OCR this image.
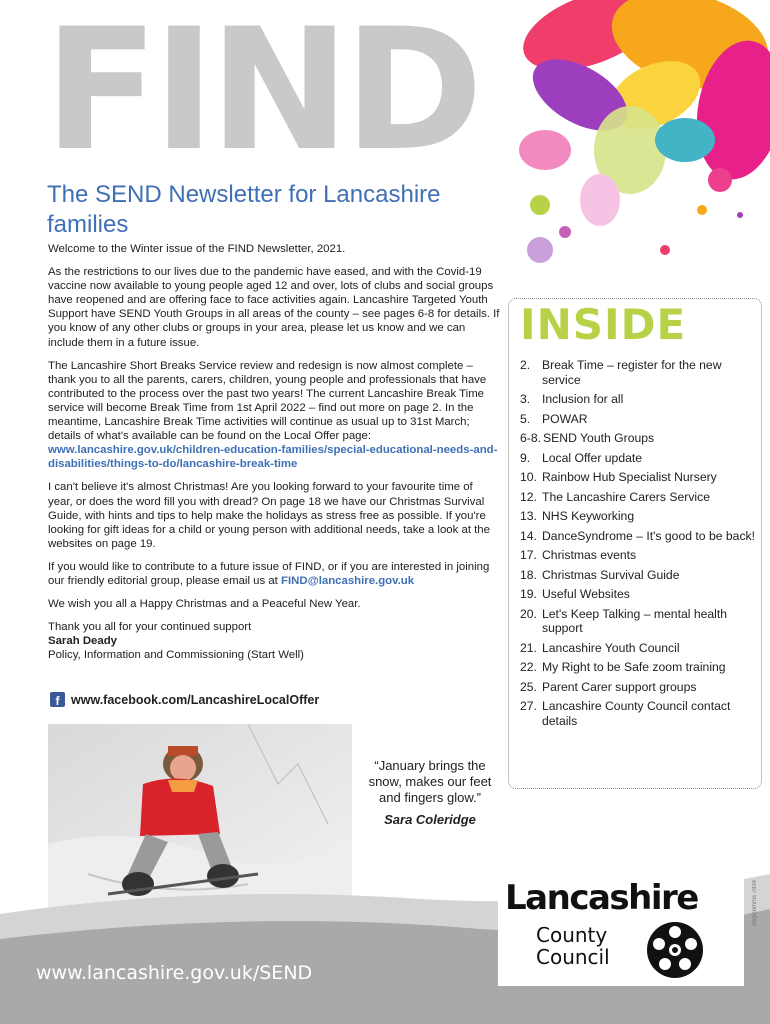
FIND
The SEND Newsletter for Lancashire families

Welcome to the Winter issue of the FIND Newsletter, 2021.

As the restrictions to our lives due to the pandemic have eased, and with the Covid-19 vaccine now available to young people aged 12 and over, lots of clubs and social groups have reopened and are offering face to face activities again. Lancashire Targeted Youth Support have SEND Youth Groups in all areas of the county – see pages 6-8 for details. If you know of any other clubs or groups in your area, please let us know and we can include them in a future issue.

The Lancashire Short Breaks Service review and redesign is now almost complete – thank you to all the parents, carers, children, young people and professionals that have contributed to the process over the past two years! The current Lancashire Break Time service will become Break Time from 1st April 2022 – find out more on page 2. In the meantime, Lancashire Break Time activities will continue as usual up to 31st March; details of what's available can be found on the Local Offer page: www.lancashire.gov.uk/children-education-families/special-educational-needs-and-disabilities/things-to-do/lancashire-break-time

I can't believe it's almost Christmas! Are you looking forward to your favourite time of year, or does the word fill you with dread? On page 18 we have our Christmas Survival Guide, with hints and tips to help make the holidays as stress free as possible. If you're looking for gift ideas for a child or young person with additional needs, take a look at the websites on page 19.

If you would like to contribute to a future issue of FIND, or if you are interested in joining our friendly editorial group, please email us at FIND@lancashire.gov.uk

We wish you all a Happy Christmas and a Peaceful New Year.

Thank you all for your continued support
Sarah Deady
Policy, Information and Commissioning (Start Well)

f www.facebook.com/LancashireLocalOffer
INSIDE
2. Break Time – register for the new service
3. Inclusion for all
5. POWAR
6-8. SEND Youth Groups
9. Local Offer update
10. Rainbow Hub Specialist Nursery
12. The Lancashire Carers Service
13. NHS Keyworking
14. DanceSyndrome – It's good to be back!
17. Christmas events
18. Christmas Survival Guide
19. Useful Websites
20. Let's Keep Talking – mental health support
21. Lancashire Youth Council
22. My Right to be Safe zoom training
25. Parent Carer support groups
27. Lancashire County Council contact details
“January brings the snow, makes our feet and fingers glow.”
Sara Coleridge
www.lancashire.gov.uk/SEND
Lancashire
County
Council
corpcomms 7834
